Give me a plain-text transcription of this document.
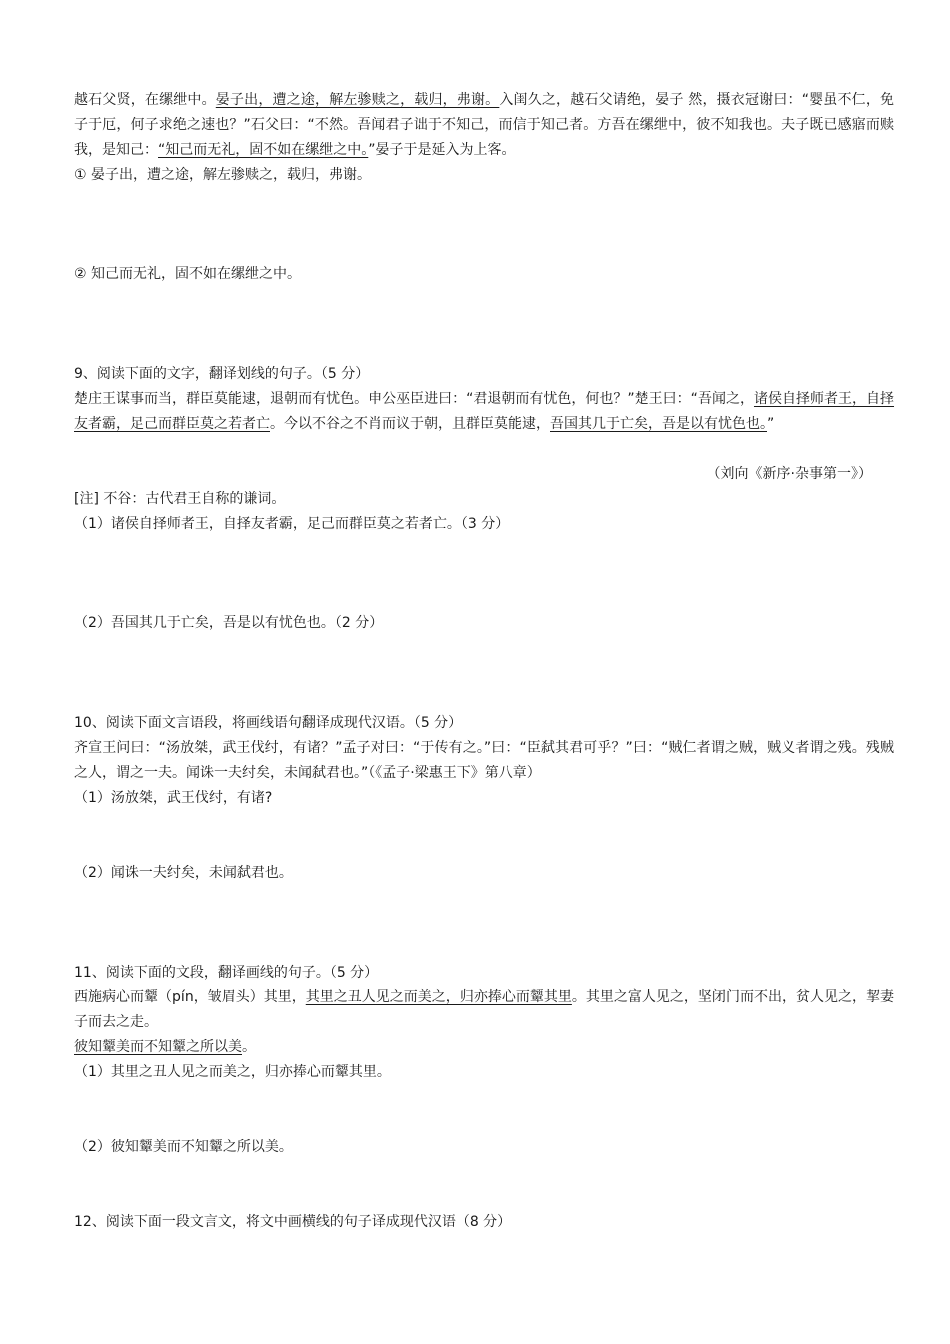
越石父贤，在缧绁中。晏子出，遭之途，解左骖赎之，载归，弗谢。入闺久之，越石父请绝，晏子 然，摄衣冠谢曰：“婴虽不仁，免子于厄，何子求绝之速也？”石父曰：“不然。吾闻君子诎于不知己，而信于知己者。方吾在缧绁中，彼不知我也。夫子既已感寤而赎我，是知己：“知己而无礼，固不如在缧绁之中。”晏子于是延入为上客。
① 晏子出，遭之途，解左骖赎之，载归，弗谢。
② 知己而无礼，固不如在缧绁之中。
9、阅读下面的文字，翻译划线的句子。（5 分）
楚庄王谋事而当，群臣莫能逮，退朝而有忧色。申公巫臣进曰：“君退朝而有忧色，何也？”楚王曰：“吾闻之，诸侯自择师者王，自择友者霸，足己而群臣莫之若者亡。今以不谷之不肖而议于朝，且群臣莫能逮，吾国其几于亡矣，吾是以有忧色也。”
（刘向《新序·杂事第一》）
[注] 不谷：古代君王自称的谦词。
（1）诸侯自择师者王，自择友者霸，足己而群臣莫之若者亡。（3 分）
（2）吾国其几于亡矣，吾是以有忧色也。（2 分）
10、阅读下面文言语段，将画线语句翻译成现代汉语。（5 分）
齐宣王问曰：“汤放桀，武王伐纣，有诸？”孟子对曰：“于传有之。”曰：“臣弑其君可乎？”曰：“贼仁者谓之贼，贼义者谓之残。残贼之人，谓之一夫。闻诛一夫纣矣，未闻弑君也。”（《孟子·梁惠王下》第八章）
（1）汤放桀，武王伐纣，有诸?
（2）闻诛一夫纣矣，未闻弑君也。
11、阅读下面的文段，翻译画线的句子。（5 分）
西施病心而颦（pín，皱眉头）其里，其里之丑人见之而美之，归亦捧心而颦其里。其里之富人见之，坚闭门而不出，贫人见之，挈妻子而去之走。
彼知颦美而不知颦之所以美。
（1）其里之丑人见之而美之，归亦捧心而颦其里。
（2）彼知颦美而不知颦之所以美。
12、阅读下面一段文言文，将文中画横线的句子译成现代汉语（8 分）
